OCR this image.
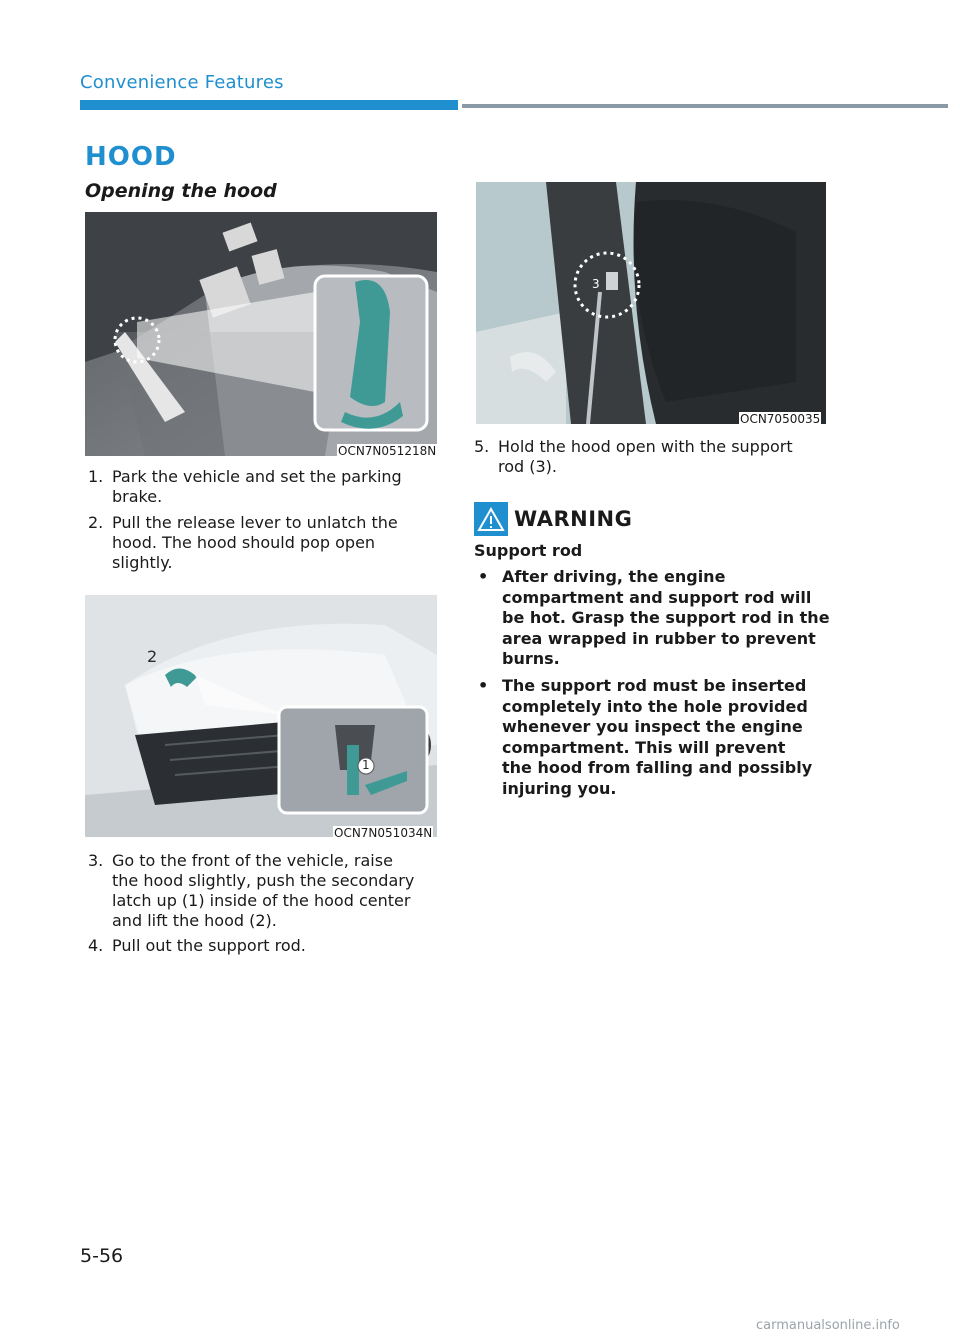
Convenience Features
HOOD
Opening the hood
OCN7N051218N
1. Park the vehicle and set the parking
brake.
2. Pull the release lever to unlatch the
hood. The hood should pop open
slightly.
2
1
OCN7N051034N
3. Go to the front of the vehicle, raise
the hood slightly, push the secondary
latch up (1) inside of the hood center
and lift the hood (2).
4. Pull out the support rod.
3
OCN7050035
5. Hold the hood open with the support
rod (3).
WARNING
Support rod
• After driving, the engine
compartment and support rod will
be hot. Grasp the support rod in the
area wrapped in rubber to prevent
burns.
• The support rod must be inserted
completely into the hole provided
whenever you inspect the engine
compartment. This will prevent
the hood from falling and possibly
injuring you.
5-56
carmanualsonline.info
